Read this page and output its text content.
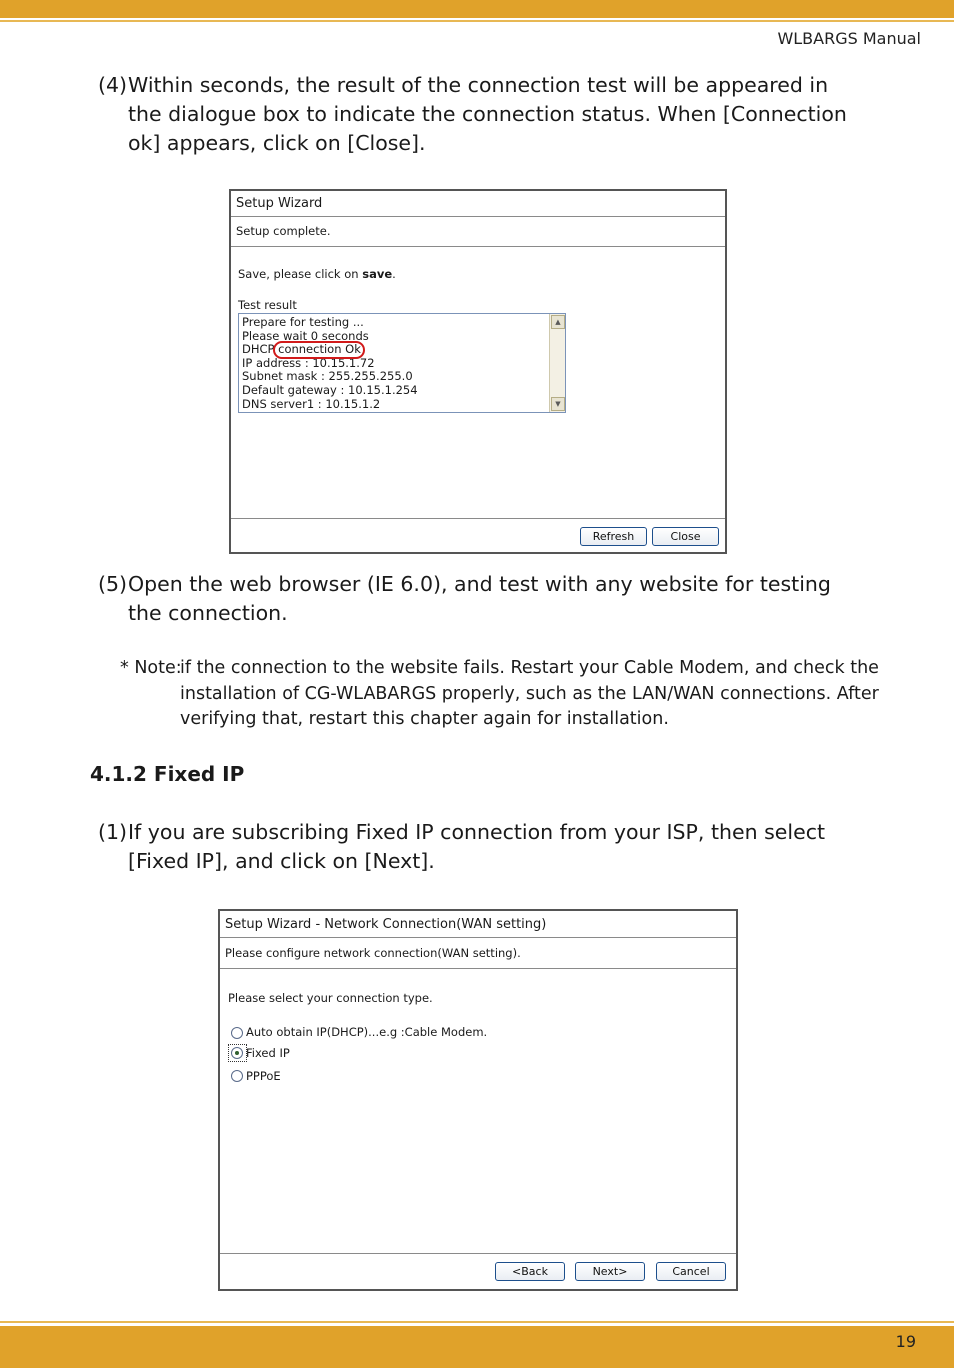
WLBARGS Manual
(4) Within seconds, the result of the connection test will be appeared in the dialogue box to indicate the connection status. When [Connection ok] appears, click on [Close].
Setup Wizard
Setup complete.
Save, please click on save.
Test result
Prepare for testing ...
Please wait 0 seconds
DHCP connection Ok
IP address : 10.15.1.72
Subnet mask : 255.255.255.0
Default gateway : 10.15.1.254
DNS server1 : 10.15.1.2
▲
▼
Refresh	Close
(5) Open the web browser (IE 6.0), and test with any website for testing the connection.
* Note:
if the connection to the website fails. Restart your Cable Modem, and check the installation of CG-WLABARGS properly, such as the LAN/WAN connections. After verifying that, restart this chapter again for installation.
4.1.2 Fixed IP
(1) If you are subscribing Fixed IP connection from your ISP, then select [Fixed IP], and click on [Next].
Setup Wizard - Network Connection(WAN setting)
Please configure network connection(WAN setting).
Please select your connection type.
Auto obtain IP(DHCP)...e.g :Cable Modem.
Fixed IP
PPPoE
<Back	Next>	Cancel
19
